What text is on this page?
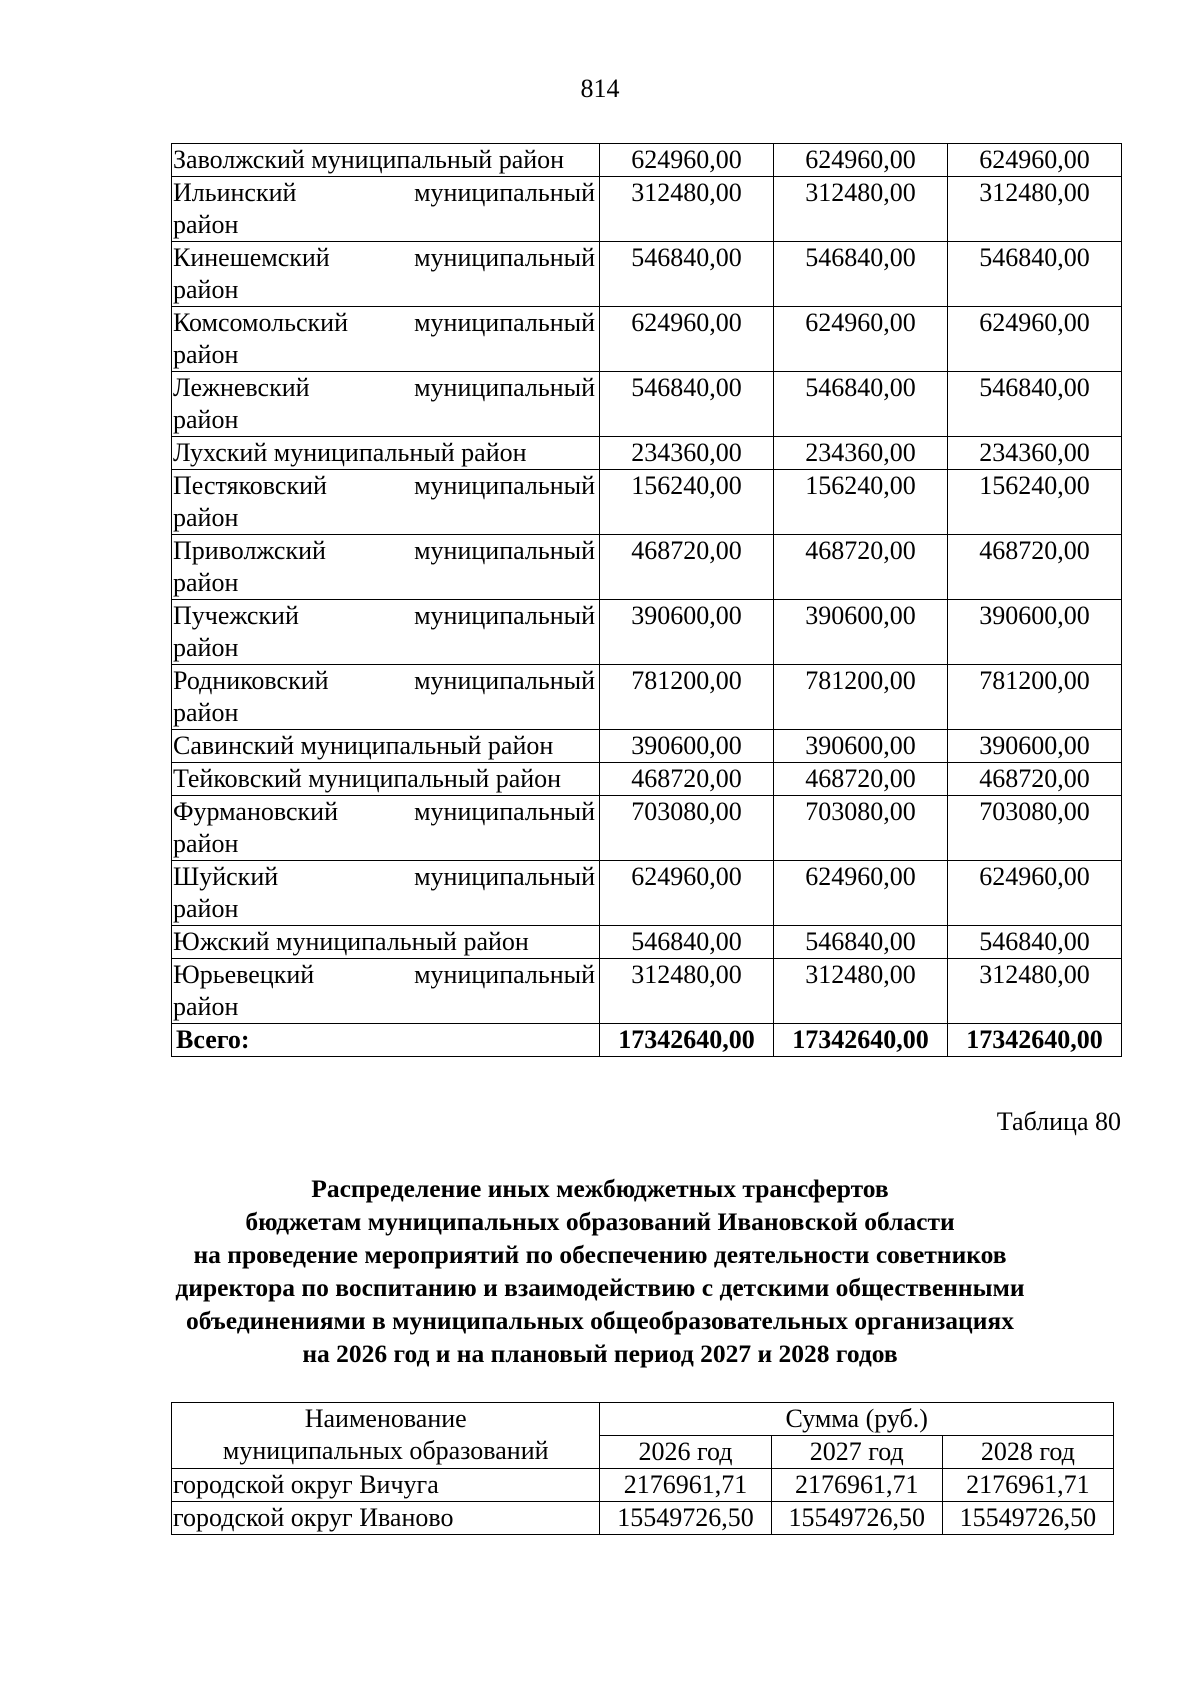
814
Заволжский муниципальный район	624960,00	624960,00	624960,00

Ильинский муниципальный
район	312480,00	312480,00	312480,00

Кинешемский муниципальный
район	546840,00	546840,00	546840,00

Комсомольский муниципальный
район	624960,00	624960,00	624960,00

Лежневский муниципальный
район	546840,00	546840,00	546840,00

Лухский муниципальный район	234360,00	234360,00	234360,00

Пестяковский муниципальный
район	156240,00	156240,00	156240,00

Приволжский муниципальный
район	468720,00	468720,00	468720,00

Пучежский муниципальный
район	390600,00	390600,00	390600,00

Родниковский муниципальный
район	781200,00	781200,00	781200,00

Савинский муниципальный район	390600,00	390600,00	390600,00

Тейковский муниципальный район	468720,00	468720,00	468720,00

Фурмановский муниципальный
район	703080,00	703080,00	703080,00

Шуйский муниципальный
район	624960,00	624960,00	624960,00

Южский муниципальный район	546840,00	546840,00	546840,00

Юрьевецкий муниципальный
район	312480,00	312480,00	312480,00
Всего:	17342640,00	17342640,00	17342640,00
Таблица 80
Распределение иных межбюджетных трансфертов
бюджетам муниципальных образований Ивановской области
на проведение мероприятий по обеспечению деятельности советников
директора по воспитанию и взаимодействию с детскими общественными
объединениями в муниципальных общеобразовательных организациях
на 2026 год и на плановый период 2027 и 2028 годов
Наименование
муниципальных образований	Сумма (руб.)		
	2026 год	2027 год	2028 год
городской округ Вичуга	2176961,71	2176961,71	2176961,71
городской округ Иваново	15549726,50	15549726,50	15549726,50
